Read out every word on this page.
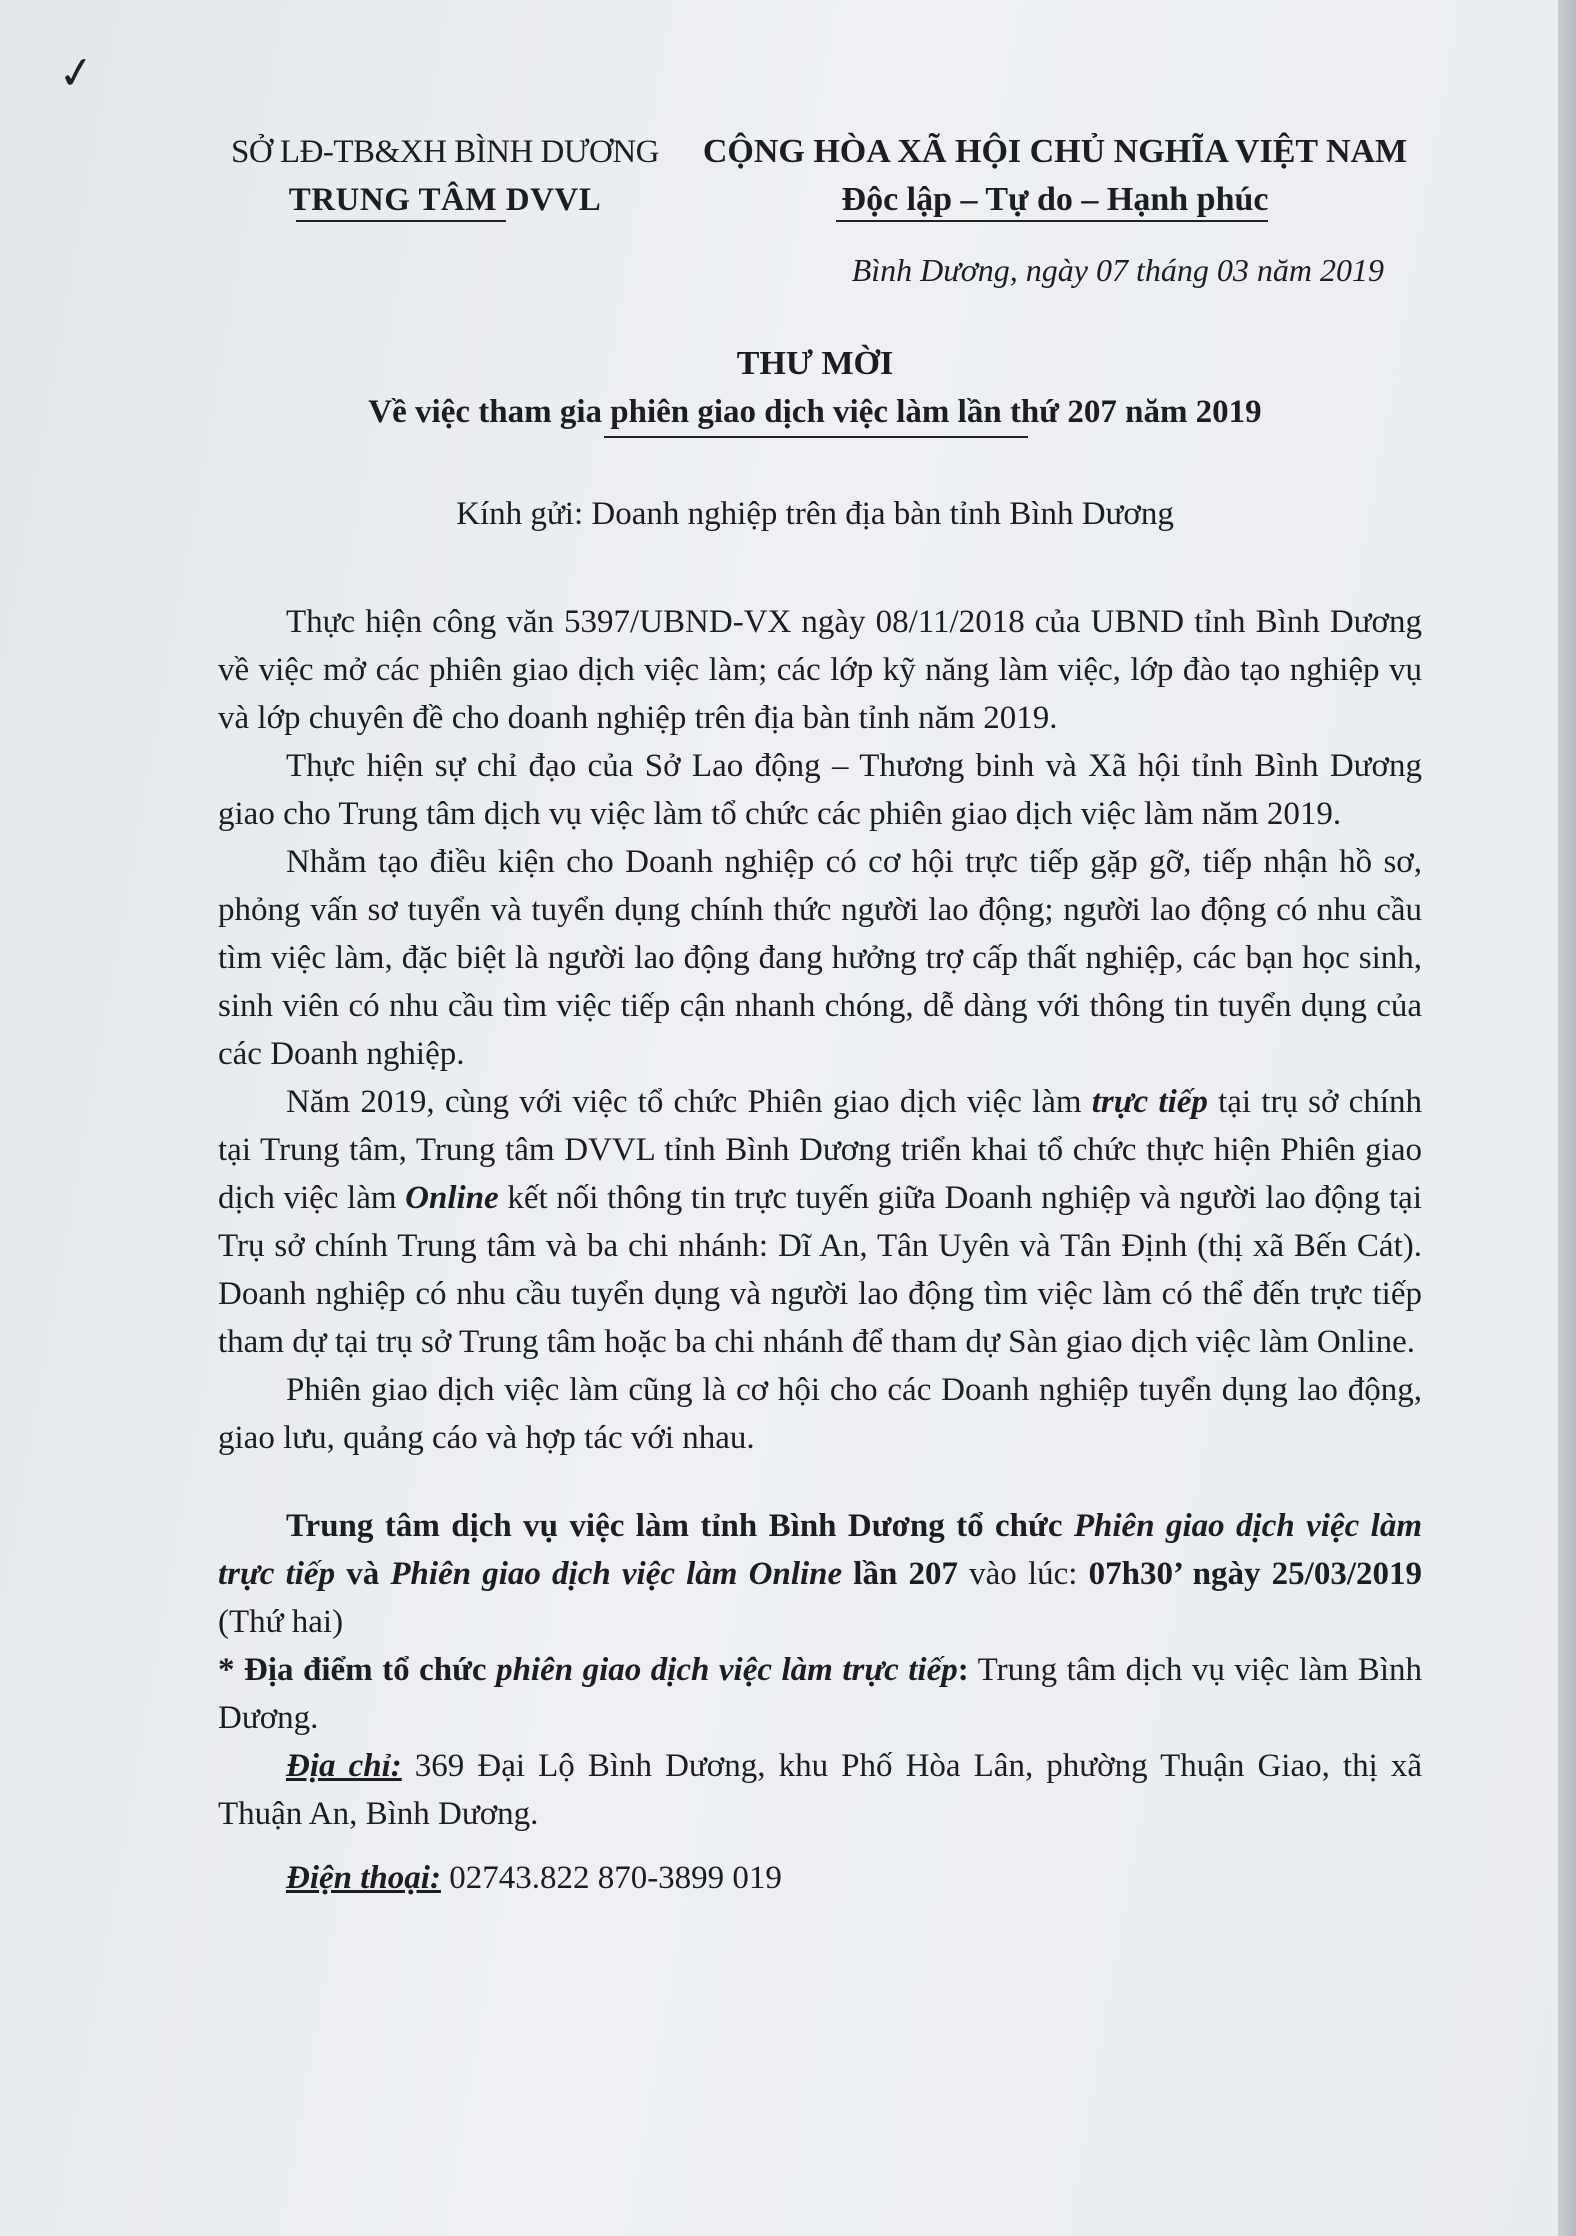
✓
SỞ LĐ-TB&XH BÌNH DƯƠNG
TRUNG TÂM DVVL
CỘNG HÒA XÃ HỘI CHỦ NGHĨA VIỆT NAM
Độc lập – Tự do – Hạnh phúc
Bình Dương, ngày 07 tháng 03 năm 2019
THƯ MỜI
Về việc tham gia phiên giao dịch việc làm lần thứ 207 năm 2019
Kính gửi: Doanh nghiệp trên địa bàn tỉnh Bình Dương

Thực hiện công văn 5397/UBND-VX ngày 08/11/2018 của UBND tỉnh Bình Dương về việc mở các phiên giao dịch việc làm; các lớp kỹ năng làm việc, lớp đào tạo nghiệp vụ và lớp chuyên đề cho doanh nghiệp trên địa bàn tỉnh năm 2019.

Thực hiện sự chỉ đạo của Sở Lao động – Thương binh và Xã hội tỉnh Bình Dương giao cho Trung tâm dịch vụ việc làm tổ chức các phiên giao dịch việc làm năm 2019.

Nhằm tạo điều kiện cho Doanh nghiệp có cơ hội trực tiếp gặp gỡ, tiếp nhận hồ sơ, phỏng vấn sơ tuyển và tuyển dụng chính thức người lao động; người lao động có nhu cầu tìm việc làm, đặc biệt là người lao động đang hưởng trợ cấp thất nghiệp, các bạn học sinh, sinh viên có nhu cầu tìm việc tiếp cận nhanh chóng, dễ dàng với thông tin tuyển dụng của các Doanh nghiệp.

Năm 2019, cùng với việc tổ chức Phiên giao dịch việc làm trực tiếp tại trụ sở chính tại Trung tâm, Trung tâm DVVL tỉnh Bình Dương triển khai tổ chức thực hiện Phiên giao dịch việc làm Online kết nối thông tin trực tuyến giữa Doanh nghiệp và người lao động tại Trụ sở chính Trung tâm và ba chi nhánh: Dĩ An, Tân Uyên và Tân Định (thị xã Bến Cát). Doanh nghiệp có nhu cầu tuyển dụng và người lao động tìm việc làm có thể đến trực tiếp tham dự tại trụ sở Trung tâm hoặc ba chi nhánh để tham dự Sàn giao dịch việc làm Online.

Phiên giao dịch việc làm cũng là cơ hội cho các Doanh nghiệp tuyển dụng lao động, giao lưu, quảng cáo và hợp tác với nhau.

Trung tâm dịch vụ việc làm tỉnh Bình Dương tổ chức Phiên giao dịch việc làm trực tiếp và Phiên giao dịch việc làm Online lần 207 vào lúc: 07h30’ ngày 25/03/2019 (Thứ hai)

* Địa điểm tổ chức phiên giao dịch việc làm trực tiếp: Trung tâm dịch vụ việc làm Bình Dương.

Địa chỉ: 369 Đại Lộ Bình Dương, khu Phố Hòa Lân, phường Thuận Giao, thị xã Thuận An, Bình Dương.

Điện thoại: 02743.822 870-3899 019
